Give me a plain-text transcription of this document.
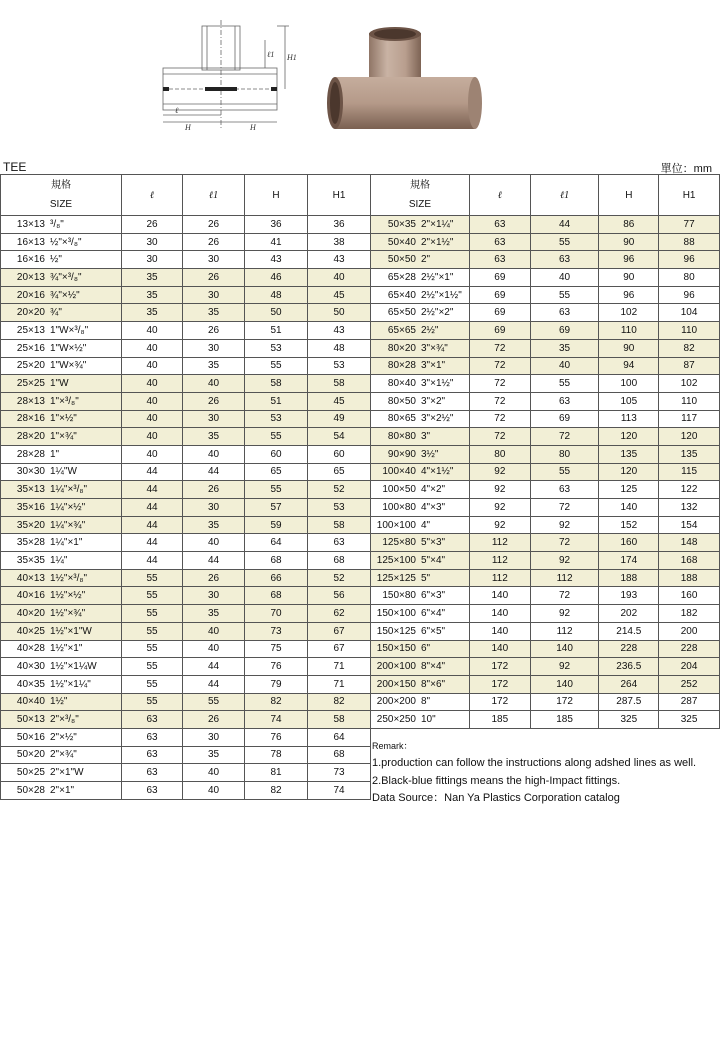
ℓ1 H1
ℓ
H	H
TEE	單位：mm
規格
SIZE	ℓ	ℓ1	H	H1
13×13 ³/₈"	26	26	36	36
16×13 ½"×³/₈"	30	26	41	38
16×16 ½"	30	30	43	43
20×13 ¾"×³/₈"	35	26	46	40
20×16 ¾"×½"	35	30	48	45
20×20 ¾"	35	35	50	50
25×13 1"W×³/₈"	40	26	51	43
25×16 1"W×½"	40	30	53	48
25×20 1"W×¾"	40	35	55	53
25×25 1"W	40	40	58	58
28×13 1"×³/₈"	40	26	51	45
28×16 1"×½"	40	30	53	49
28×20 1"×¾"	40	35	55	54
28×28 1"	40	40	60	60
30×30 1¼"W	44	44	65	65
35×13 1¼"×³/₈"	44	26	55	52
35×16 1¼"×½"	44	30	57	53
35×20 1¼"×¾"	44	35	59	58
35×28 1¼"×1"	44	40	64	63
35×35 1¼"	44	44	68	68
40×13 1½"×³/₈"	55	26	66	52
40×16 1½"×½"	55	30	68	56
40×20 1½"×¾"	55	35	70	62
40×25 1½"×1"W	55	40	73	67
40×28 1½"×1"	55	40	75	67
40×30 1½"×1¼W	55	44	76	71
40×35 1½"×1¼"	55	44	79	71
40×40 1½"	55	55	82	82
50×13 2"×³/₈"	63	26	74	58
50×16 2"×½"	63	30	76	64
50×20 2"×¾"	63	35	78	68
50×25 2"×1"W	63	40	81	73
50×28 2"×1"	63	40	82	74
規格
SIZE	ℓ	ℓ1	H	H1
50×35 2"×1¼"	63	44	86	77
50×40 2"×1½"	63	55	90	88
50×50 2"	63	63	96	96
65×28 2½"×1"	69	40	90	80
65×40 2½"×1½"	69	55	96	96
65×50 2½"×2"	69	63	102	104
65×65 2½"	69	69	110	110
80×20 3"×¾"	72	35	90	82
80×28 3"×1"	72	40	94	87
80×40 3"×1½"	72	55	100	102
80×50 3"×2"	72	63	105	110
80×65 3"×2½"	72	69	113	117
80×80 3"	72	72	120	120
90×90 3½"	80	80	135	135
100×40 4"×1½"	92	55	120	115
100×50 4"×2"	92	63	125	122
100×80 4"×3"	92	72	140	132
100×100 4"	92	92	152	154
125×80 5"×3"	112	72	160	148
125×100 5"×4"	112	92	174	168
125×125 5"	112	112	188	188
150×80 6"×3"	140	72	193	160
150×100 6"×4"	140	92	202	182
150×125 6"×5"	140	112	214.5	200
150×150 6"	140	140	228	228
200×100 8"×4"	172	92	236.5	204
200×150 8"×6"	172	140	264	252
200×200 8"	172	172	287.5	287
250×250 10"	185	185	325	325
Remark：
1.production can follow the instructions along adshed lines as well.
2.Black-blue fittings means the high-Impact fittings.
Data Source：Nan Ya Plastics Corporation catalog
